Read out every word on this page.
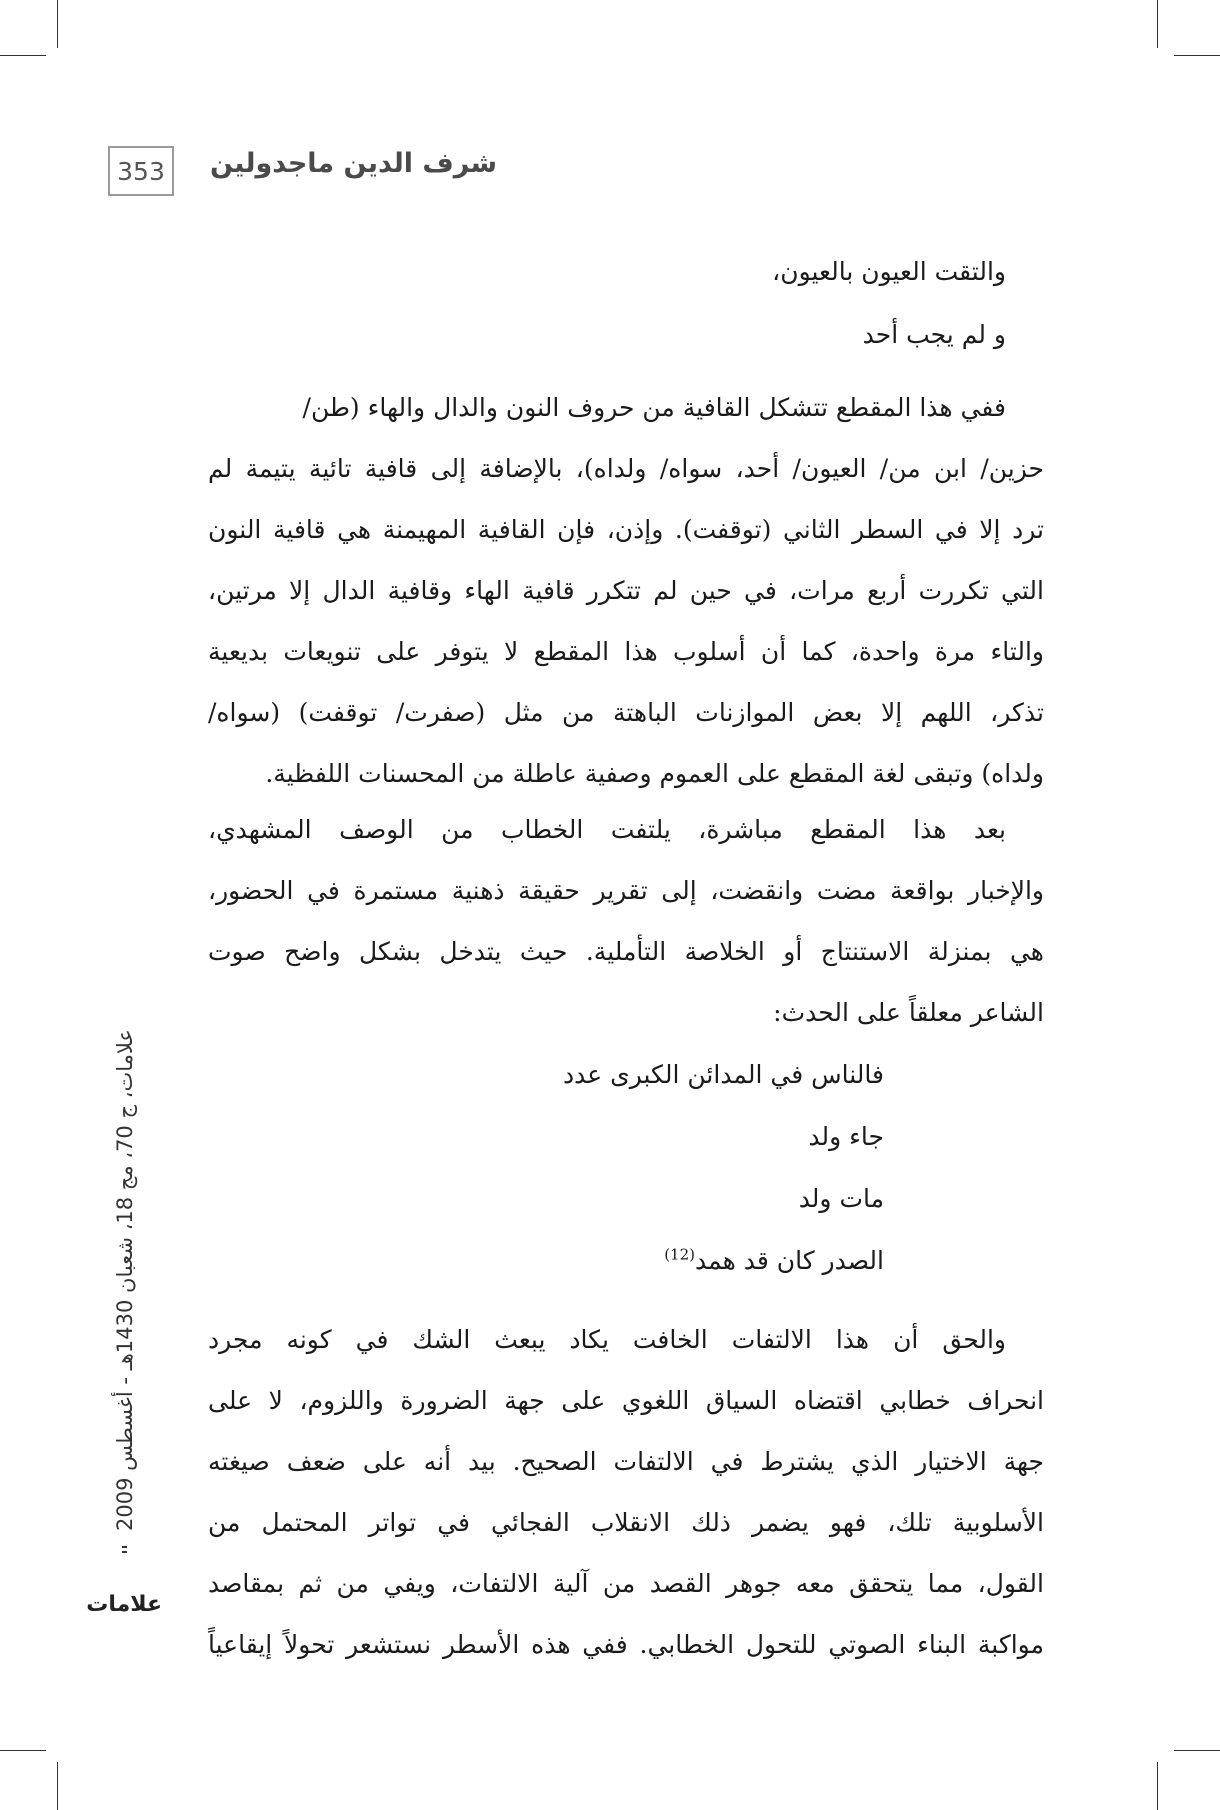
353	شرف الدين ماجدولين
علامات، ج 70، مج 18، شعبان 1430هـ - أغسطس 2009
علامات
والتقت العيون بالعيون،
و لم يجب أحد
ففي هذا المقطع تتشكل القافية من حروف النون والدال والهاء (طن/
حزين/ ابن من/ العيون/ أحد، سواه/ ولداه)، بالإضافة إلى قافية تائية يتيمة لم
ترد إلا في السطر الثاني (توقفت). وإذن، فإن القافية المهيمنة هي قافية النون
التي تكررت أربع مرات، في حين لم تتكرر قافية الهاء وقافية الدال إلا مرتين،
والتاء مرة واحدة، كما أن أسلوب هذا المقطع لا يتوفر على تنويعات بديعية
تذكر، اللهم إلا بعض الموازنات الباهتة من مثل (صفرت/ توقفت) (سواه/
ولداه) وتبقى لغة المقطع على العموم وصفية عاطلة من المحسنات اللفظية.
بعد هذا المقطع مباشرة، يلتفت الخطاب من الوصف المشهدي،
والإخبار بواقعة مضت وانقضت، إلى تقرير حقيقة ذهنية مستمرة في الحضور،
هي بمنزلة الاستنتاج أو الخلاصة التأملية. حيث يتدخل بشكل واضح صوت
الشاعر معلقاً على الحدث:
فالناس في المدائن الكبرى عدد
جاء ولد
مات ولد
الصدر كان قد همد$^{(12)}$
والحق أن هذا الالتفات الخافت يكاد يبعث الشك في كونه مجرد
انحراف خطابي اقتضاه السياق اللغوي على جهة الضرورة واللزوم، لا على
جهة الاختيار الذي يشترط في الالتفات الصحيح. بيد أنه على ضعف صيغته
الأسلوبية تلك، فهو يضمر ذلك الانقلاب الفجائي في تواتر المحتمل من
القول، مما يتحقق معه جوهر القصد من آلية الالتفات، ويفي من ثم بمقاصد
مواكبة البناء الصوتي للتحول الخطابي. ففي هذه الأسطر نستشعر تحولاً إيقاعياً
